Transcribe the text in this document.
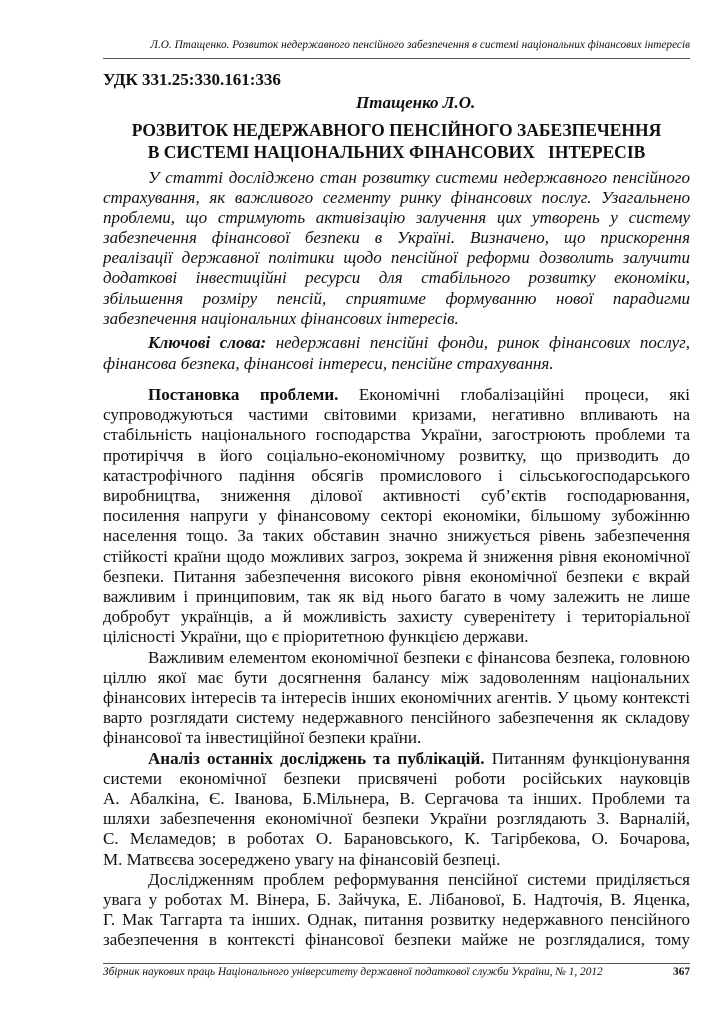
Л.О. Птащенко. Розвиток недержавного пенсійного забезпечення в системі національних фінансових інтересів
УДК 331.25:330.161:336
Птащенко Л.О.
РОЗВИТОК НЕДЕРЖАВНОГО ПЕНСІЙНОГО ЗАБЕЗПЕЧЕННЯ
В СИСТЕМІ НАЦІОНАЛЬНИХ ФІНАНСОВИХ   ІНТЕРЕСІВ
У статті досліджено стан розвитку системи недержавного пенсійного
страхування, як важливого сегменту ринку фінансових послуг. Узагальнено
проблеми, що стримують активізацію залучення цих утворень у систему
забезпечення фінансової безпеки в Україні. Визначено, що прискорення
реалізації державної політики щодо пенсійної реформи дозволить залучити
додаткові інвестиційні ресурси для стабільного розвитку економіки,
збільшення розміру пенсій, сприятиме формуванню нової парадигми
забезпечення національних фінансових інтересів.
Ключові слова: недержавні пенсійні фонди, ринок фінансових послуг,
фінансова безпека, фінансові інтереси, пенсійне страхування.
Постановка проблеми. Економічні глобалізаційні процеси, які
супроводжуються частими світовими кризами, негативно впливають на
стабільність національного господарства України, загострюють проблеми та
протиріччя в його соціально-економічному розвитку, що призводить до
катастрофічного падіння обсягів промислового і сільськогосподарського
виробництва, зниження ділової активності суб’єктів господарювання,
посилення напруги у фінансовому секторі економіки, більшому зубожінню
населення тощо. За таких обставин значно знижується рівень забезпечення
стійкості країни щодо можливих загроз, зокрема й зниження рівня економічної
безпеки. Питання забезпечення високого рівня економічної безпеки є вкрай
важливим і принциповим, так як від нього багато в чому залежить не лише
добробут українців, а й можливість захисту суверенітету і територіальної
цілісності України, що є пріоритетною функцією держави.
Важливим елементом економічної безпеки є фінансова безпека, головною
ціллю якої має бути досягнення балансу між задоволенням національних
фінансових інтересів та інтересів інших економічних агентів. У цьому контексті
варто розглядати систему недержавного пенсійного забезпечення як складову
фінансової та інвестиційної безпеки країни.
Аналіз останніх досліджень та публікацій. Питанням функціонування
системи економічної безпеки присвячені роботи російських науковців
А. Абалкіна, Є. Іванова, Б.Мільнера, В. Сергачова та інших. Проблеми та
шляхи забезпечення економічної безпеки України розглядають З. Варналій,
С. Мєламедов; в роботах О. Барановського, К. Тагірбекова, О. Бочарова,
М. Матвєєва зосереджено увагу на фінансовій безпеці.
Дослідженням проблем реформування пенсійної системи приділяється
увага у роботах М. Вінера, Б. Зайчука, Е. Лібанової, Б. Надточія, В. Яценка,
Г. Мак Таггарта та інших. Однак, питання розвитку недержавного пенсійного
забезпечення в контексті фінансової безпеки майже не розглядалися, тому
Збірник наукових праць Національного університету державної податкової служби України, № 1, 2012	367
